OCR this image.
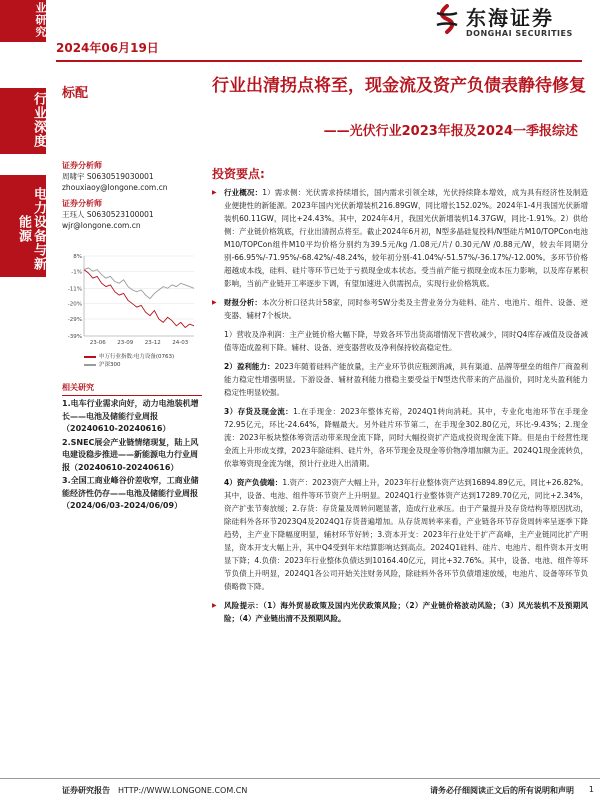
业研究
行业深度
电力设备与新能源
2024年06月19日
东海证券
DONGHAI SECURITIES
标配	行业出清拐点将至，现金流及资产负债表静待修复
——光伏行业2023年报及2024一季报综述
证券分析师
周啸宇 S0630519030001
zhouxiaoy@longone.com.cn
证券分析师
王珏人 S0630523100001
wjr@longone.com.cn
8%
-1%
-11%
-20%
-29%
-39%
23-06 23-09 23-12 24-03
申万行业指数:电力设备(0763)
沪深300
相关研究

1.电车行业需求向好，动力电池装机增长——电池及储能行业周报（20240610-20240616）

2.SNEC展会产业链情绪现复，陆上风电建设稳步推进——新能源电力行业周报（20240610-20240616）

3.全国工商业峰谷价差收窄，工商业储能经济性仍存——电池及储能行业周报（2024/06/03-2024/06/09）

投资要点:
▶ 行业概况：1）需求侧：光伏需求持续增长，国内需求引领全球，光伏持续降本增效，成为具有经济性及制造业便捷性的新能源。2023年国内光伏新增装机216.89GW，同比增长152.02%。2024年1-4月我国光伏新增装机60.11GW，同比+24.43%。其中，2024年4月，我国光伏新增装机14.37GW，同比-1.91%。2）供给侧：产业链价格筑底，行业出清拐点将至。截止2024年6月初，N型多晶硅复投料/N型硅片M10/TOPCon电池M10/TOPCon组件M10平均价格分别约为39.5元/kg /1.08元/片/ 0.30元/W /0.88元/W，较去年同期分别-66.95%/-71.95%/-68.42%/-48.24%，较年初分别-41.04%/-51.57%/-36.17%/-12.00%。多环节价格超越成本线，硅料、硅片等环节已处于亏损现金成本状态。受当前产能亏损现金成本压力影响，以及库存累积影响，当前产业链开工率逐步下调，有望加速进入供需拐点，实现行业价格筑底。
▶ 财报分析：本次分析口径共计58家，同时参考SW分类及主营业务分为硅料、硅片、电池片、组件、设备、逆变器、辅材7个板块。
1）营收及净利润：主产业链价格大幅下降，导致各环节出货高增情况下营收减少，同时Q4库存减值及设备减值等造成盈利下降。辅材、设备、逆变器营收及净利保持较高稳定性。
2）盈利能力：2023年随着硅料产能放量，主产业环节供应瓶颈消减，具有渠道、品牌等壁垒的组件厂商盈利能力稳定性增强明显。下游设备、辅材盈利能力推稳主要受益于N型迭代带来的产品溢价，同时龙头盈利能力稳定性明显较强。
3）存货及现金流：1.在手现金：2023年整体充裕，2024Q1转向消耗。其中，专业化电池环节在手现金72.95亿元，环比-24.64%，降幅最大。另外硅片环节第二，在手现金302.80亿元，环比-9.43%；2.现金流：2023年板块整体筹资活动带来现金流下降，同时大幅投资扩产造成投资现金流下降。但是由于经营性现金流上升形成支撑，2023年除硅料、硅片外，各环节现金及现金等价物净增加额为正。2024Q1现金流转负，依靠筹资现金流为继，预计行业进入出清期。
4）资产负债端：1.资产：2023资产大幅上升，2023年行业整体资产达到16894.89亿元，同比+26.82%。其中，设备、电池、组件等环节资产上升明显。2024Q1行业整体资产达到17289.70亿元，同比+2.34%，资产扩张节奏放缓；2.存货：存货量及周转问题显著，造成行业承压。由于产量提升及存货结构等原因扰动，除硅料外各环节2023Q4及2024Q1存货普遍增加。从存货周转率来看，产业链各环节存货周转率呈逐季下降趋势，主产业下降幅度明显，辅材环节好转；3.资本开支：2023年行业处于扩产高峰，主产业链同比扩产明显，资本开支大幅上升，其中Q4受到年末结算影响达到高点。2024Q1硅料、硅片、电池片、组件资本开支明显下降；4.负债：2023年行业整体负债达到10164.40亿元，同比+32.76%。其中，设备、电池、组件等环节负债上升明显，2024Q1各公司开始关注财务风险，除硅料外各环节负债增速放缓，电池片、设备等环节负债略微下降。
▶ 风险提示：（1）海外贸易政策及国内光伏政策风险；（2）产业链价格波动风险；（3）风光装机不及预期风险；（4）产业链出清不及预期风险。
证券研究报告 HTTP://WWW.LONGONE.COM.CN	请务必仔细阅读正文后的所有说明和声明 1
